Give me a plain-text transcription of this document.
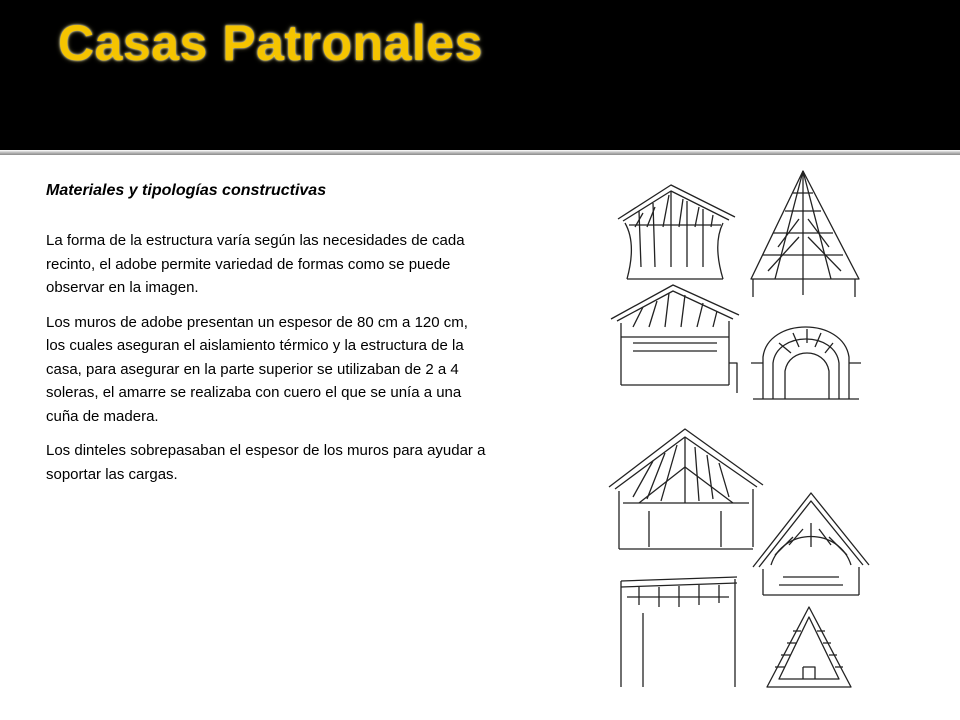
Casas Patronales
Materiales y tipologías constructivas

La forma de la estructura varía según las necesidades de cada recinto, el adobe permite variedad de formas como se puede observar en la imagen.

Los muros de adobe presentan un espesor de 80 cm a 120 cm, los cuales aseguran el aislamiento térmico y la estructura de la casa, para asegurar en la parte superior se utilizaban de 2 a 4 soleras, el amarre se realizaba con cuero el que se unía a una cuña de madera.

Los dinteles sobrepasaban el espesor de los muros para ayudar a soportar las cargas.
